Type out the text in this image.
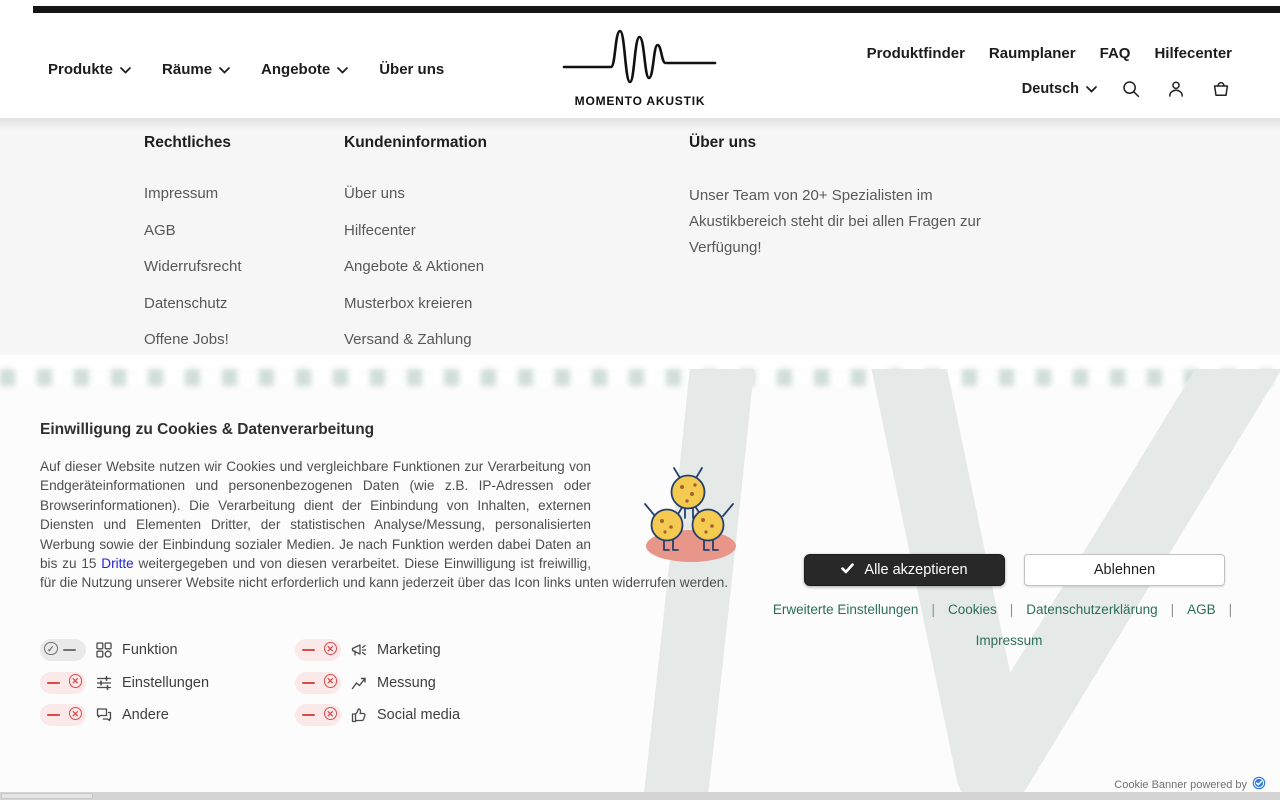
Produkte	Räume	Angebote	Über uns
MOMENTO AKUSTIK
Produktfinder Raumplaner FAQ Hilfecenter
Deutsch
Rechtliches
Impressum
AGB
Widerrufsrecht
Datenschutz
Offene Jobs!
Kundeninformation
Über uns
Hilfecenter
Angebote & Aktionen
Musterbox kreieren
Versand & Zahlung
Über uns

Unser Team von 20+ Spezialisten im Akustikbereich steht dir bei allen Fragen zur Verfügung!

Einwilligung zu Cookies & Datenverarbeitung

Auf dieser Website nutzen wir Cookies und vergleichbare Funktionen zur Verarbeitung von Endgeräteinformationen und personenbezogenen Daten (wie z.B. IP-Adressen oder Browserinformationen). Die Verarbeitung dient der Einbindung von Inhalten, externen Diensten und Elementen Dritter, der statistischen Analyse/Messung, personalisierten Werbung sowie der Einbindung sozialer Medien. Je nach Funktion werden dabei Daten an bis zu 15 Dritte weitergegeben und von diesen verarbeitet. Diese Einwilligung ist freiwillig, für die Nutzung unserer Website nicht erforderlich und kann jederzeit über das Icon links unten widerrufen werden.

Alle akzeptieren	Ablehnen
Erweiterte Einstellungen | Cookies | Datenschutzerklärung | AGB |
Impressum
✓
Funktion
✕
Einstellungen
✕
Andere
✕
Marketing
✕
Messung
✕
Social media
Cookie Banner powered by
